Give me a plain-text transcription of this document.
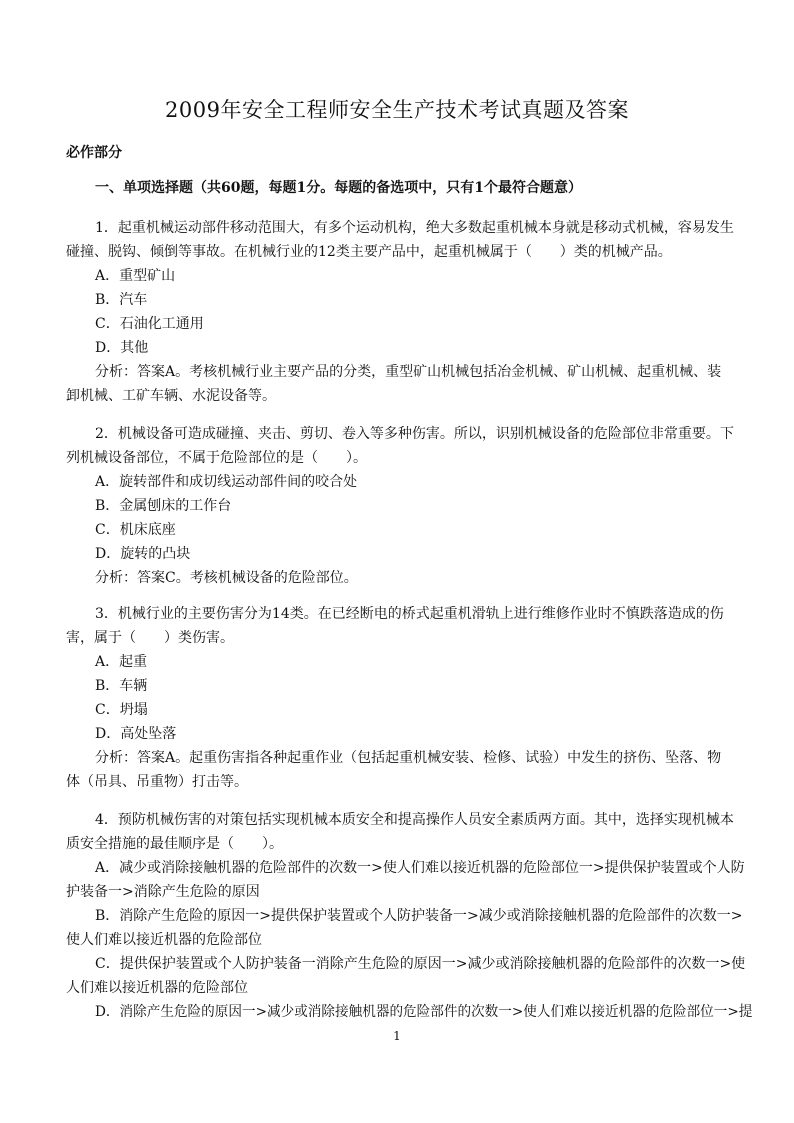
2009年安全工程师安全生产技术考试真题及答案
必作部分
一、单项选择题（共60题，每题1分。每题的备选项中，只有1个最符合题意）
1．起重机械运动部件移动范围大，有多个运动机构，绝大多数起重机械本身就是移动式机械，容易发生
碰撞、脱钩、倾倒等事故。在机械行业的12类主要产品中，起重机械属于（　　）类的机械产品。
A．重型矿山
B．汽车
C．石油化工通用
D．其他
分析：答案A。考核机械行业主要产品的分类，重型矿山机械包括冶金机械、矿山机械、起重机械、装
卸机械、工矿车辆、水泥设备等。
2．机械设备可造成碰撞、夹击、剪切、卷入等多种伤害。所以，识别机械设备的危险部位非常重要。下
列机械设备部位，不属于危险部位的是（　　）。
A．旋转部件和成切线运动部件间的咬合处
B．金属刨床的工作台
C．机床底座
D．旋转的凸块
分析：答案C。考核机械设备的危险部位。
3．机械行业的主要伤害分为14类。在已经断电的桥式起重机滑轨上进行维修作业时不慎跌落造成的伤
害，属于（　　）类伤害。
A．起重
B．车辆
C．坍塌
D．高处坠落
分析：答案A。起重伤害指各种起重作业（包括起重机械安装、检修、试验）中发生的挤伤、坠落、物
体（吊具、吊重物）打击等。
4．预防机械伤害的对策包括实现机械本质安全和提高操作人员安全素质两方面。其中，选择实现机械本
质安全措施的最佳顺序是（　　）。
A．减少或消除接触机器的危险部件的次数一>使人们难以接近机器的危险部位一>提供保护装置或个人防
护装备一>消除产生危险的原因
B．消除产生危险的原因一>提供保护装置或个人防护装备一>减少或消除接触机器的危险部件的次数一>
使人们难以接近机器的危险部位
C．提供保护装置或个人防护装备一消除产生危险的原因一>减少或消除接触机器的危险部件的次数一>使
人们难以接近机器的危险部位
D．消除产生危险的原因一>减少或消除接触机器的危险部件的次数一>使人们难以接近机器的危险部位一>提
1
